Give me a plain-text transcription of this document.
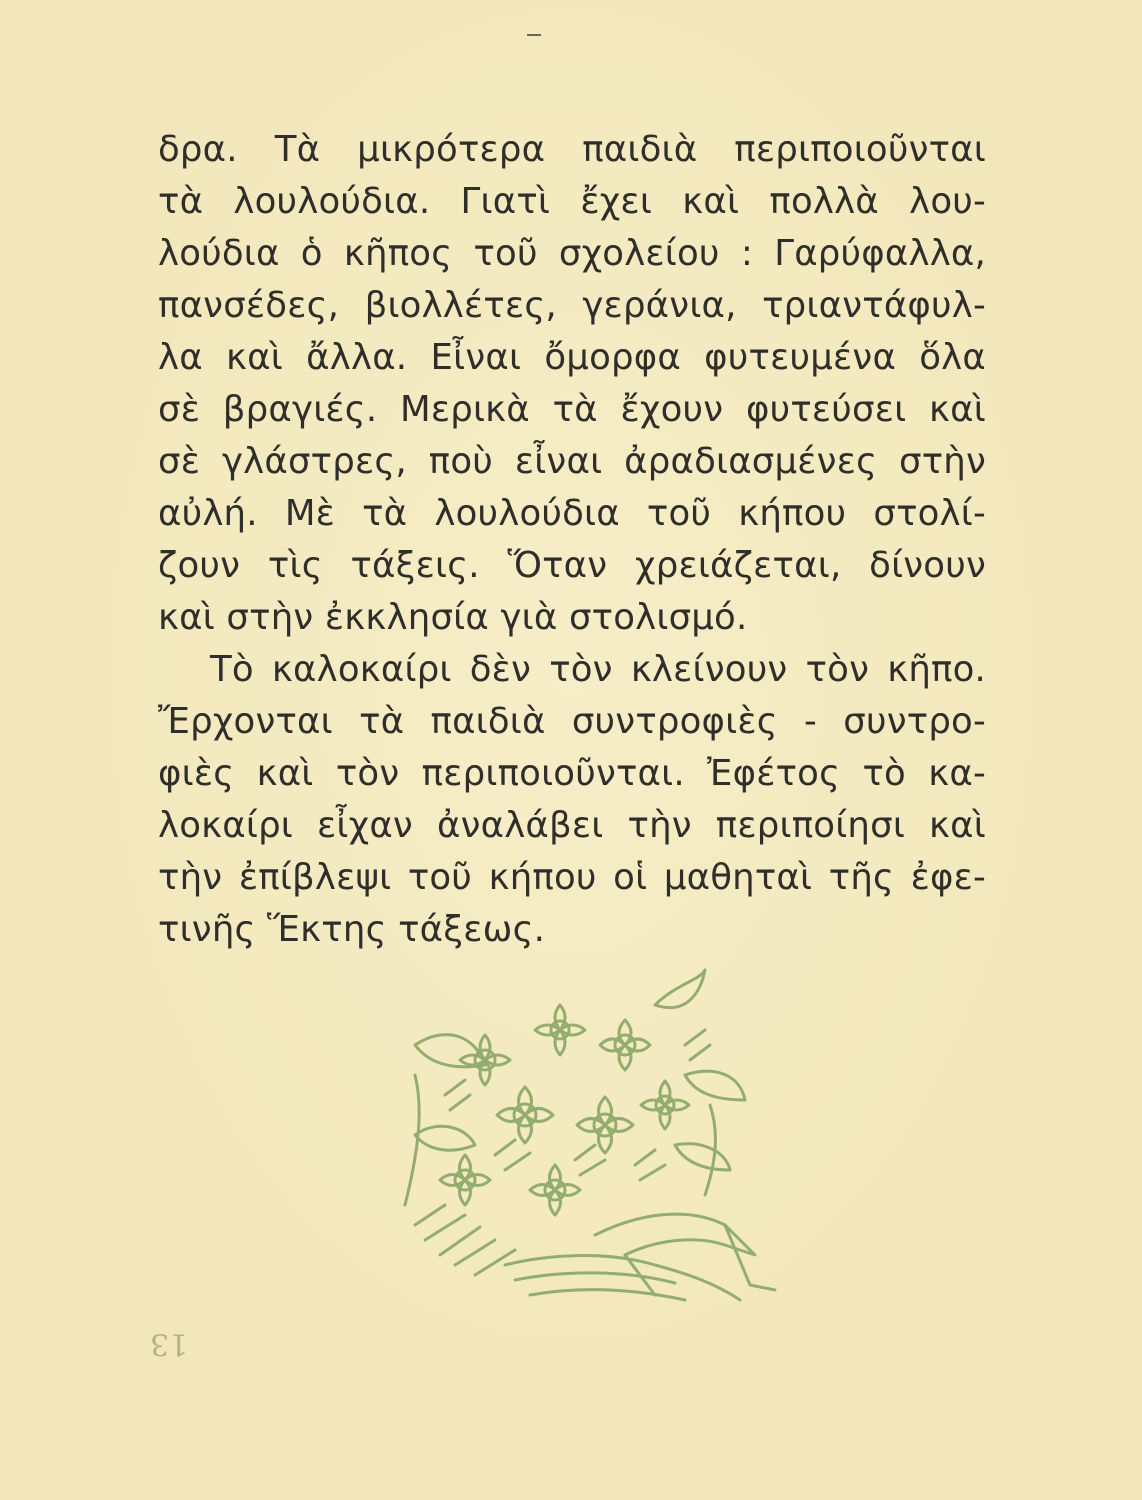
δρα. Τὰ μικρότερα παιδιὰ περιποιοῦνται
τὰ λουλούδια. Γιατὶ ἔχει καὶ πολλὰ λου-
λούδια ὁ κῆπος τοῦ σχολείου : Γαρύφαλλα,
πανσέδες, βιολλέτες, γεράνια, τριαντάφυλ-
λα καὶ ἄλλα. Εἶναι ὄμορφα φυτευμένα ὅλα
σὲ βραγιές. Μερικὰ τὰ ἔχουν φυτεύσει καὶ
σὲ γλάστρες, ποὺ εἶναι ἀραδιασμένες στὴν
αὐλή. Μὲ τὰ λουλούδια τοῦ κήπου στολί-
ζουν τὶς τάξεις. Ὅταν χρειάζεται, δίνουν
καὶ στὴν ἐκκλησία γιὰ στολισμό.
Τὸ καλοκαίρι δὲν τὸν κλείνουν τὸν κῆπο.
Ἔρχονται τὰ παιδιὰ συντροφιὲς - συντρο-
φιὲς καὶ τὸν περιποιοῦνται. Ἐφέτος τὸ κα-
λοκαίρι εἶχαν ἀναλάβει τὴν περιποίησι καὶ
τὴν ἐπίβλεψι τοῦ κήπου οἱ μαθηταὶ τῆς ἐφε-
τινῆς Ἕκτης τάξεως.
13
